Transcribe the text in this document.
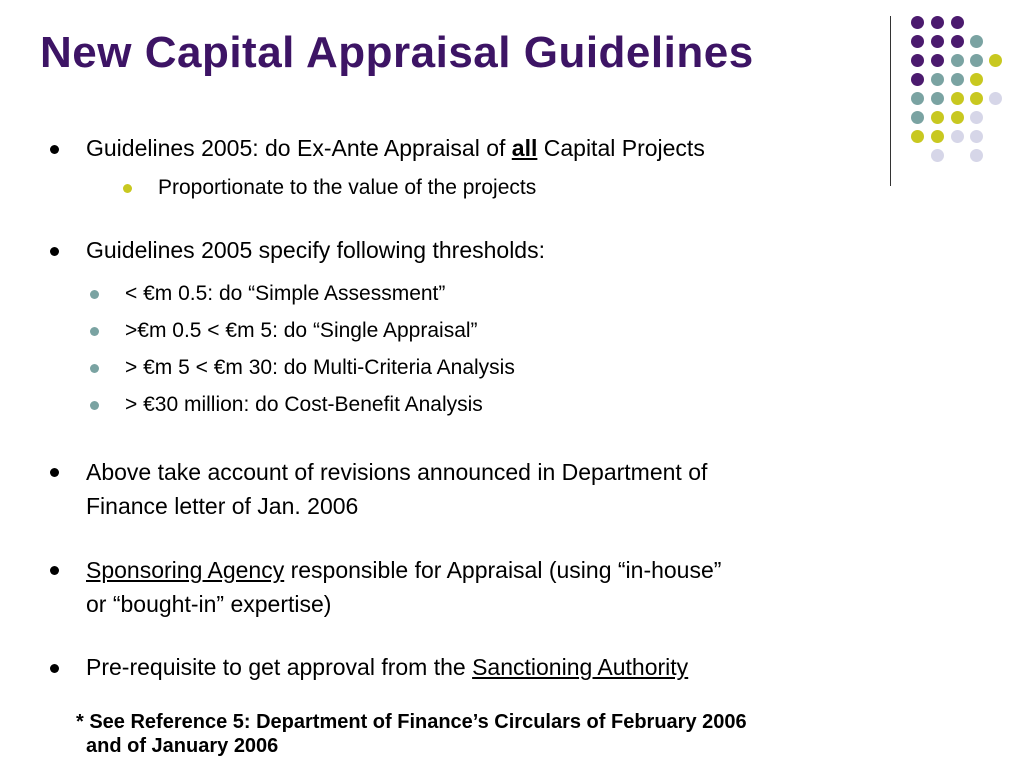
New Capital Appraisal Guidelines
Guidelines 2005: do Ex-Ante Appraisal of all Capital Projects
Proportionate to the value of the projects
Guidelines 2005 specify following thresholds:
< €m 0.5: do “Simple Assessment”
>€m 0.5 < €m 5: do “Single Appraisal”
> €m 5 < €m 30: do Multi-Criteria Analysis
> €30 million: do Cost-Benefit Analysis
Above take account of revisions announced in Department of
Finance letter of Jan. 2006
Sponsoring Agency responsible for Appraisal (using “in-house”
or “bought-in” expertise)
Pre-requisite to get approval from the Sanctioning Authority
* See Reference 5: Department of Finance’s Circulars of February 2006
and of January 2006
